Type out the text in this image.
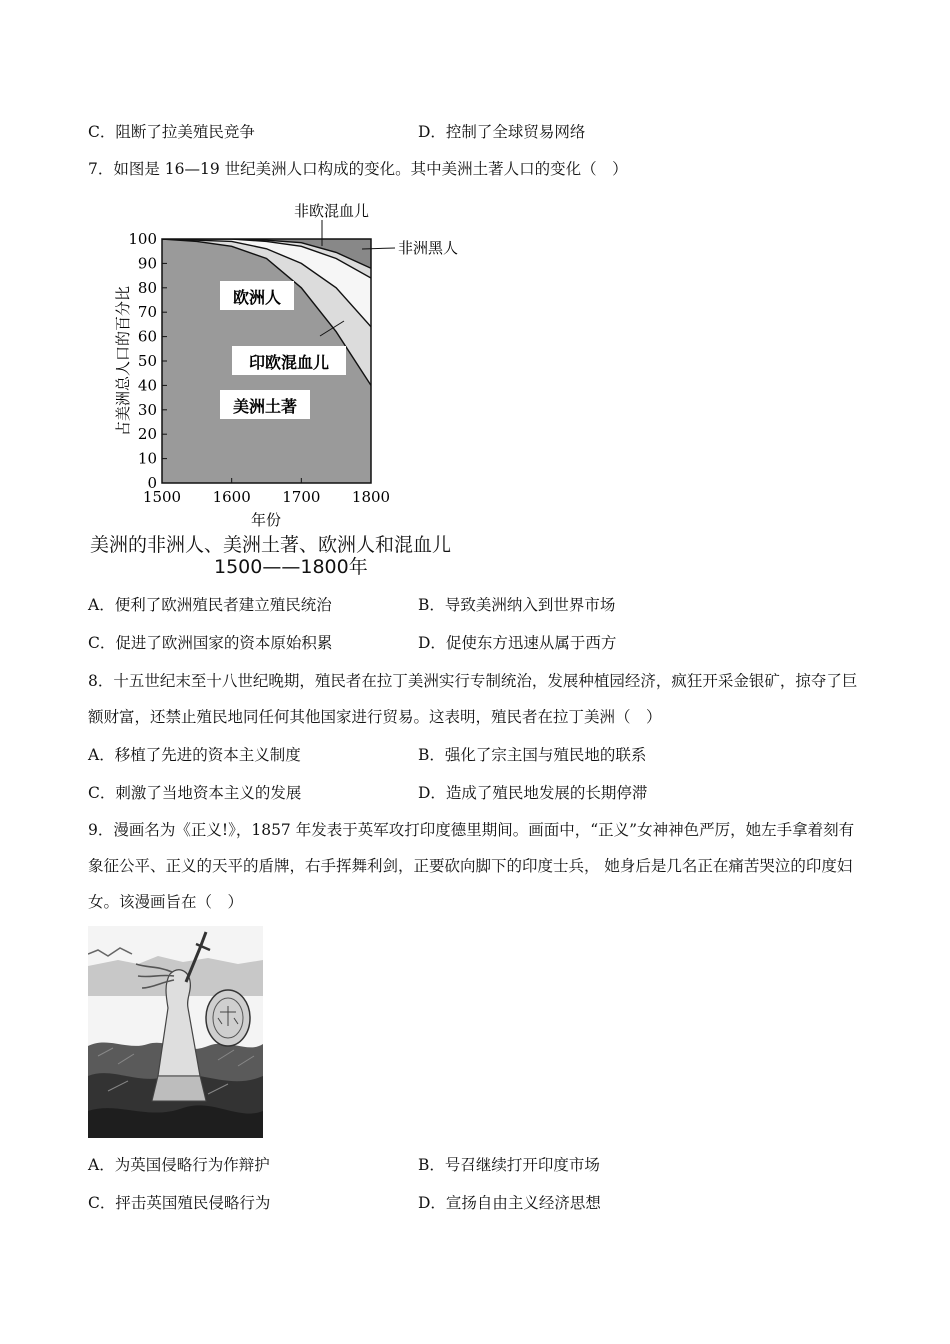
C．阻断了拉美殖民竞争	D．控制了全球贸易网络
7．如图是 16—19 世纪美洲人口构成的变化。其中美洲土著人口的变化（　）
0
10
20
30
40
50
60
70
80
90
100
1500 1600 1700 1800
欧洲人
印欧混血儿
美洲土著
非欧混血儿
非洲黑人
占美洲总人口的百分比
年份
美洲的非洲人、美洲土著、欧洲人和混血儿
1500——1800年
A．便利了欧洲殖民者建立殖民统治	B．导致美洲纳入到世界市场
C．促进了欧洲国家的资本原始积累	D．促使东方迅速从属于西方
8．十五世纪末至十八世纪晚期，殖民者在拉丁美洲实行专制统治，发展种植园经济，疯狂开采金银矿，掠夺了巨额财富，还禁止殖民地同任何其他国家进行贸易。这表明，殖民者在拉丁美洲（　）
A．移植了先进的资本主义制度	B．强化了宗主国与殖民地的联系
C．刺激了当地资本主义的发展	D．造成了殖民地发展的长期停滞
9．漫画名为《正义!》，1857 年发表于英军攻打印度德里期间。画面中，“正义”女神神色严厉，她左手拿着刻有象征公平、正义的天平的盾牌，右手挥舞利剑，正要砍向脚下的印度士兵， 她身后是几名正在痛苦哭泣的印度妇女。该漫画旨在（　）
A．为英国侵略行为作辩护	B．号召继续打开印度市场
C．抨击英国殖民侵略行为	D．宣扬自由主义经济思想
